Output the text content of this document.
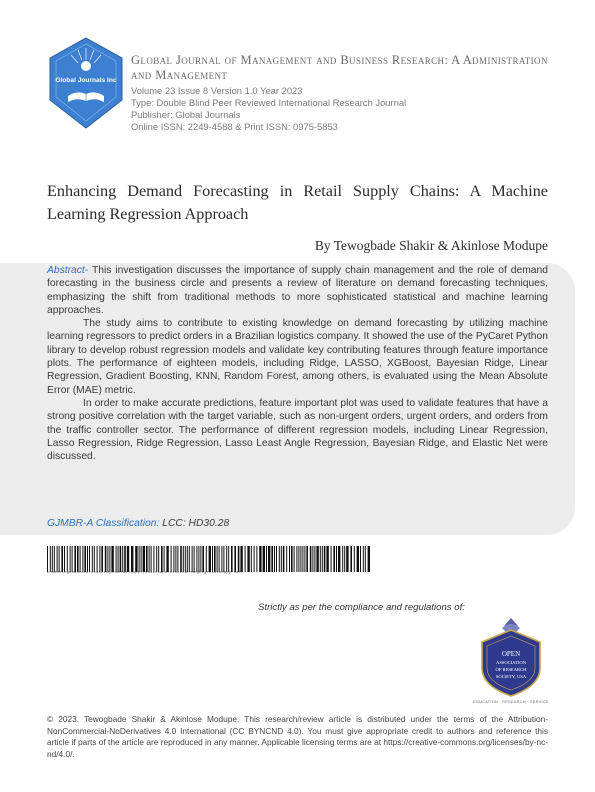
Global Journals Inc
Global Journal of Management and Business Research: A Administration and Management
Volume 23 Issue 8 Version 1.0 Year 2023
Type: Double Blind Peer Reviewed International Research Journal
Publisher: Global Journals
Online ISSN: 2249-4588 & Print ISSN: 0975-5853
Enhancing Demand Forecasting in Retail Supply Chains: A Machine Learning Regression Approach
By Tewogbade Shakir & Akinlose Modupe

Abstract- This investigation discusses the importance of supply chain management and the role of demand forecasting in the business circle and presents a review of literature on demand forecasting techniques, emphasizing the shift from traditional methods to more sophisticated statistical and machine learning approaches.

The study aims to contribute to existing knowledge on demand forecasting by utilizing machine learning regressors to predict orders in a Brazilian logistics company. It showed the use of the PyCaret Python library to develop robust regression models and validate key contributing features through feature importance plots. The performance of eighteen models, including Ridge, LASSO, XGBoost, Bayesian Ridge, Linear Regression, Gradient Boosting, KNN, Random Forest, among others, is evaluated using the Mean Absolute Error (MAE) metric.

In order to make accurate predictions, feature important plot was used to validate features that have a strong positive correlation with the target variable, such as non-urgent orders, urgent orders, and orders from the traffic controller sector. The performance of different regression models, including Linear Regression, Lasso Regression, Ridge Regression, Lasso Least Angle Regression, Bayesian Ridge, and Elastic Net were discussed.

GJMBR-A Classification: LCC: HD30.28
EnhancingDemandForecastinginRetailSupplyChainsAMachineLearningRegressionApproach
Strictly as per the compliance and regulations of:
OPEN
ASSOCIATION
OF RESEARCH
SOCIETY, USA
EDUCATION · RESEARCH · SERVICE
© 2023. Tewogbade Shakir & Akinlose Modupe. This research/review article is distributed under the terms of the Attribution-NonCommercial-NoDerivatives 4.0 International (CC BYNCND 4.0). You must give appropriate credit to authors and reference this article if parts of the article are reproduced in any manner. Applicable licensing terms are at https://creative-commons.org/licenses/by-nc-nd/4.0/.
